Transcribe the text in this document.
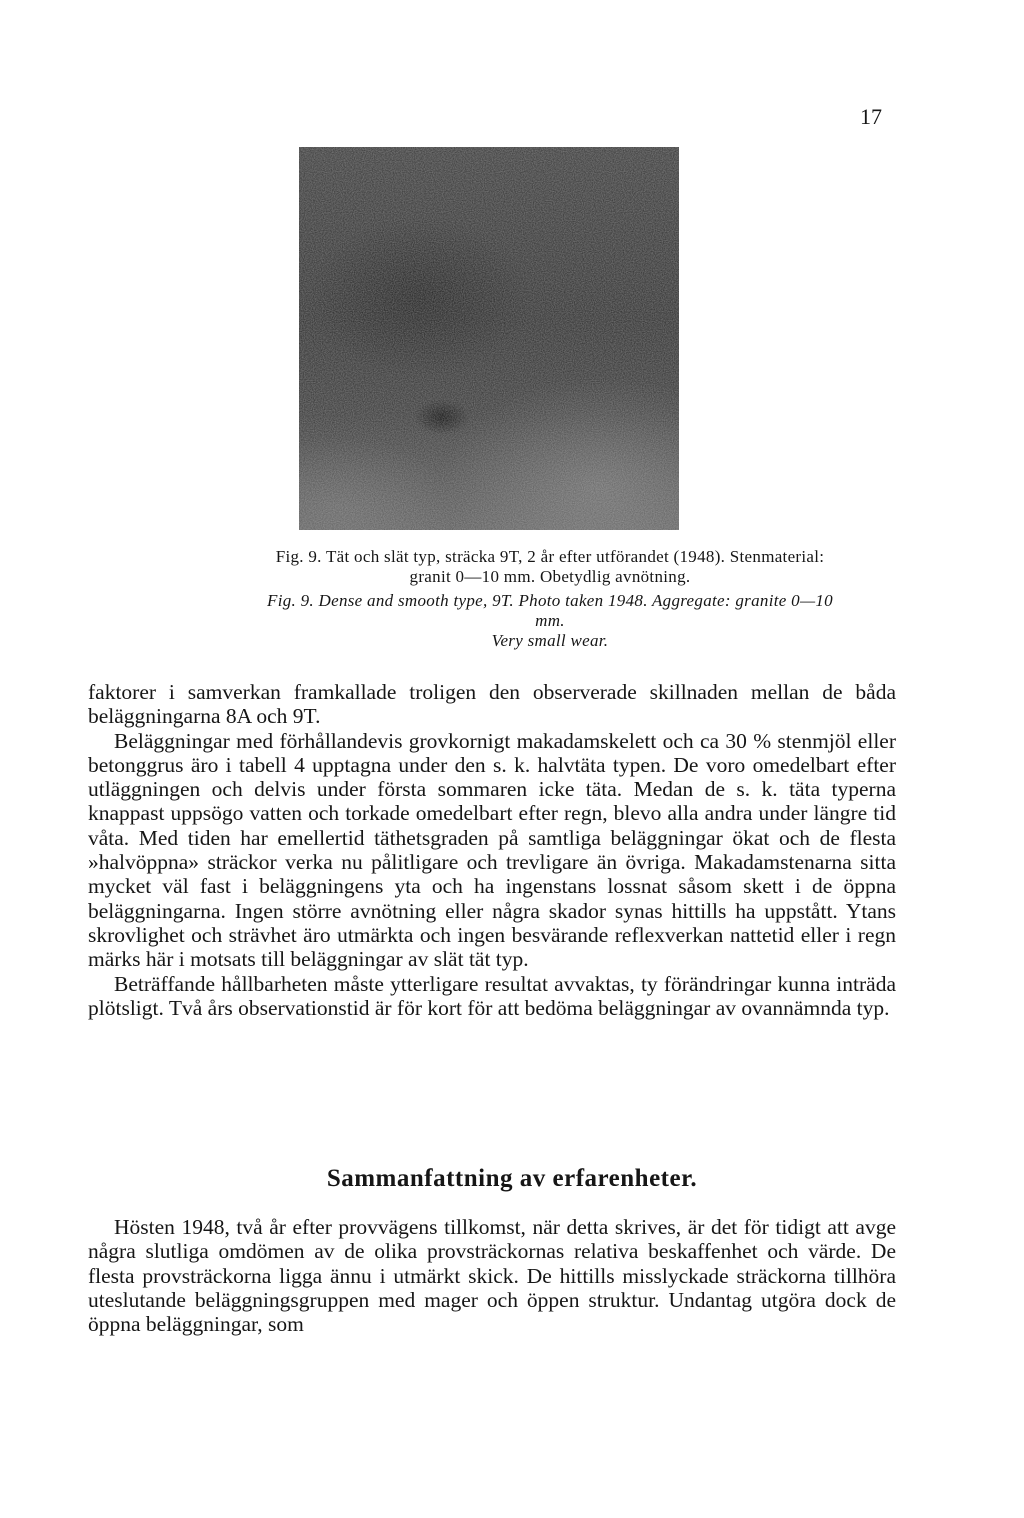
17
Fig. 9. Tät och slät typ, sträcka 9T, 2 år efter utförandet (1948). Stenmaterial:
granit 0—10 mm. Obetydlig avnötning.
Fig. 9. Dense and smooth type, 9T. Photo taken 1948. Aggregate: granite 0—10 mm.
Very small wear.

faktorer i samverkan framkallade troligen den observerade skillnaden mellan de båda beläggningarna 8A och 9T.

Beläggningar med förhållandevis grovkornigt makadamskelett och ca 30 % stenmjöl eller betonggrus äro i tabell 4 upptagna under den s. k. halvtäta typen. De voro omedelbart efter utläggningen och delvis under första sommaren icke täta. Medan de s. k. täta typerna knappast uppsögo vatten och torkade omedelbart efter regn, blevo alla andra under längre tid våta. Med tiden har emellertid täthetsgraden på samtliga beläggningar ökat och de flesta »halvöppna» sträckor verka nu pålitligare och trevligare än övriga. Makadamstenarna sitta mycket väl fast i beläggningens yta och ha ingenstans lossnat såsom skett i de öppna beläggningarna. Ingen större avnötning eller några skador synas hittills ha uppstått. Ytans skrovlighet och strävhet äro utmärkta och ingen besvärande reflexverkan nattetid eller i regn märks här i motsats till beläggningar av slät tät typ.

Beträffande hållbarheten måste ytterligare resultat avvaktas, ty förändringar kunna inträda plötsligt. Två års observationstid är för kort för att bedöma beläggningar av ovannämnda typ.

Sammanfattning av erfarenheter.

Hösten 1948, två år efter provvägens tillkomst, när detta skrives, är det för tidigt att avge några slutliga omdömen av de olika provsträckornas relativa beskaffenhet och värde. De flesta provsträckorna ligga ännu i utmärkt skick. De hittills misslyckade sträckorna tillhöra uteslutande beläggningsgruppen med mager och öppen struktur. Undantag utgöra dock de öppna beläggningar, som
